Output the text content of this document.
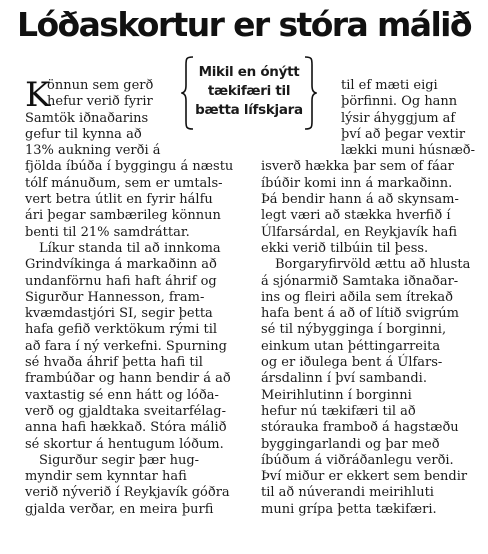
Lóðaskortur er stóra málið
K
Mikil en ónýtt
tækifæri til
bætta lífskjara

önnun sem gerð

hefur verið fyrir

Samtök iðnaðarins

gefur til kynna að

13% aukning verði á

fjölda íbúða í byggingu á næstu

tólf mánuðum, sem er umtals-

vert betra útlit en fyrir hálfu

ári þegar sambærileg könnun

benti til 21% samdráttar.

Líkur standa til að innkoma

Grindvíkinga á markaðinn að

undanförnu hafi haft áhrif og

Sigurður Hannesson, fram-

kvæmdastjóri SI, segir þetta

hafa gefið verktökum rými til

að fara í ný verkefni. Spurning

sé hvaða áhrif þetta hafi til

frambúðar og hann bendir á að

vaxtastig sé enn hátt og lóða-

verð og gjaldtaka sveitarfélag-

anna hafi hækkað. Stóra málið

sé skortur á hentugum lóðum.

Sigurður segir þær hug-

myndir sem kynntar hafi

verið nýverið í Reykjavík góðra

gjalda verðar, en meira þurfi

til ef mæti eigi

þörfinni. Og hann

lýsir áhyggjum af

því að þegar vextir

lækki muni húsnæð-

isverð hækka þar sem of fáar

íbúðir komi inn á markaðinn.

Þá bendir hann á að skynsam-

legt væri að stækka hverfið í

Úlfarsárdal, en Reykjavík hafi

ekki verið tilbúin til þess.

Borgaryfirvöld ættu að hlusta

á sjónarmið Samtaka iðnaðar-

ins og fleiri aðila sem ítrekað

hafa bent á að of lítið svigrúm

sé til nýbygginga í borginni,

einkum utan þéttingarreita

og er iðulega bent á Úlfars-

ársdalinn í því sambandi.

Meirihlutinn í borginni

hefur nú tækifæri til að

stórauka framboð á hagstæðu

byggingarlandi og þar með

íbúðum á viðráðanlegu verði.

Því miður er ekkert sem bendir

til að núverandi meirihluti

muni grípa þetta tækifæri.
